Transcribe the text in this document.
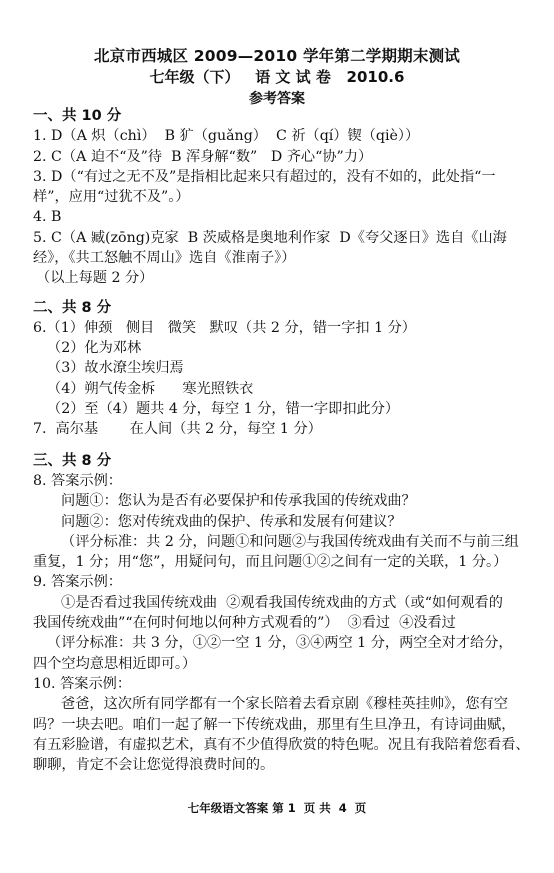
北京市西城区 2009—2010 学年第二学期期末测试
七年级（下）   语 文 试 卷   2010.6
参考答案
一、共 10 分
1. D（A 炽（chì）  B 犷（guǎng）  C 祈（qí）锲（qiè））
2. C（A 迫不“及”待  B 浑身解“数”   D 齐心“协”力）
3. D（“有过之无不及”是指相比起来只有超过的，没有不如的，此处指“一
样”，应用“过犹不及”。）
4. B
5. C（A 臧(zōng)克家  B 茨威格是奥地利作家  D《夸父逐日》选自《山海
经》，《共工怒触不周山》选自《淮南子》）
（以上每题 2 分）
二、共 8 分
6.（1）伸颈   侧目   微笑   默叹（共 2 分，错一字扣 1 分）
（2）化为邓林
（3）故水潦尘埃归焉
（4）朔气传金柝      寒光照铁衣
（2）至（4）题共 4 分，每空 1 分，错一字即扣此分）
7.  高尔基       在人间（共 2 分，每空 1 分）
三、共 8 分
8. 答案示例：
问题①：您认为是否有必要保护和传承我国的传统戏曲？
问题②：您对传统戏曲的保护、传承和发展有何建议？
（评分标准：共 2 分，问题①和问题②与我国传统戏曲有关而不与前三组
重复，1 分；用“您”，用疑问句，而且问题①②之间有一定的关联，1 分。）
9. 答案示例：
①是否看过我国传统戏曲  ②观看我国传统戏曲的方式（或“如何观看的
我国传统戏曲”“在何时何地以何种方式观看的”）  ③看过  ④没看过
（评分标准：共 3 分，①②一空 1 分，③④两空 1 分，两空全对才给分，
四个空均意思相近即可。）
10. 答案示例：
爸爸，这次所有同学都有一个家长陪着去看京剧《穆桂英挂帅》，您有空
吗？一块去吧。咱们一起了解一下传统戏曲，那里有生旦净丑，有诗词曲赋，
有五彩脸谱，有虚拟艺术，真有不少值得欣赏的特色呢。况且有我陪着您看看、
聊聊，肯定不会让您觉得浪费时间的。
七年级语文答案 第 1  页 共  4  页
